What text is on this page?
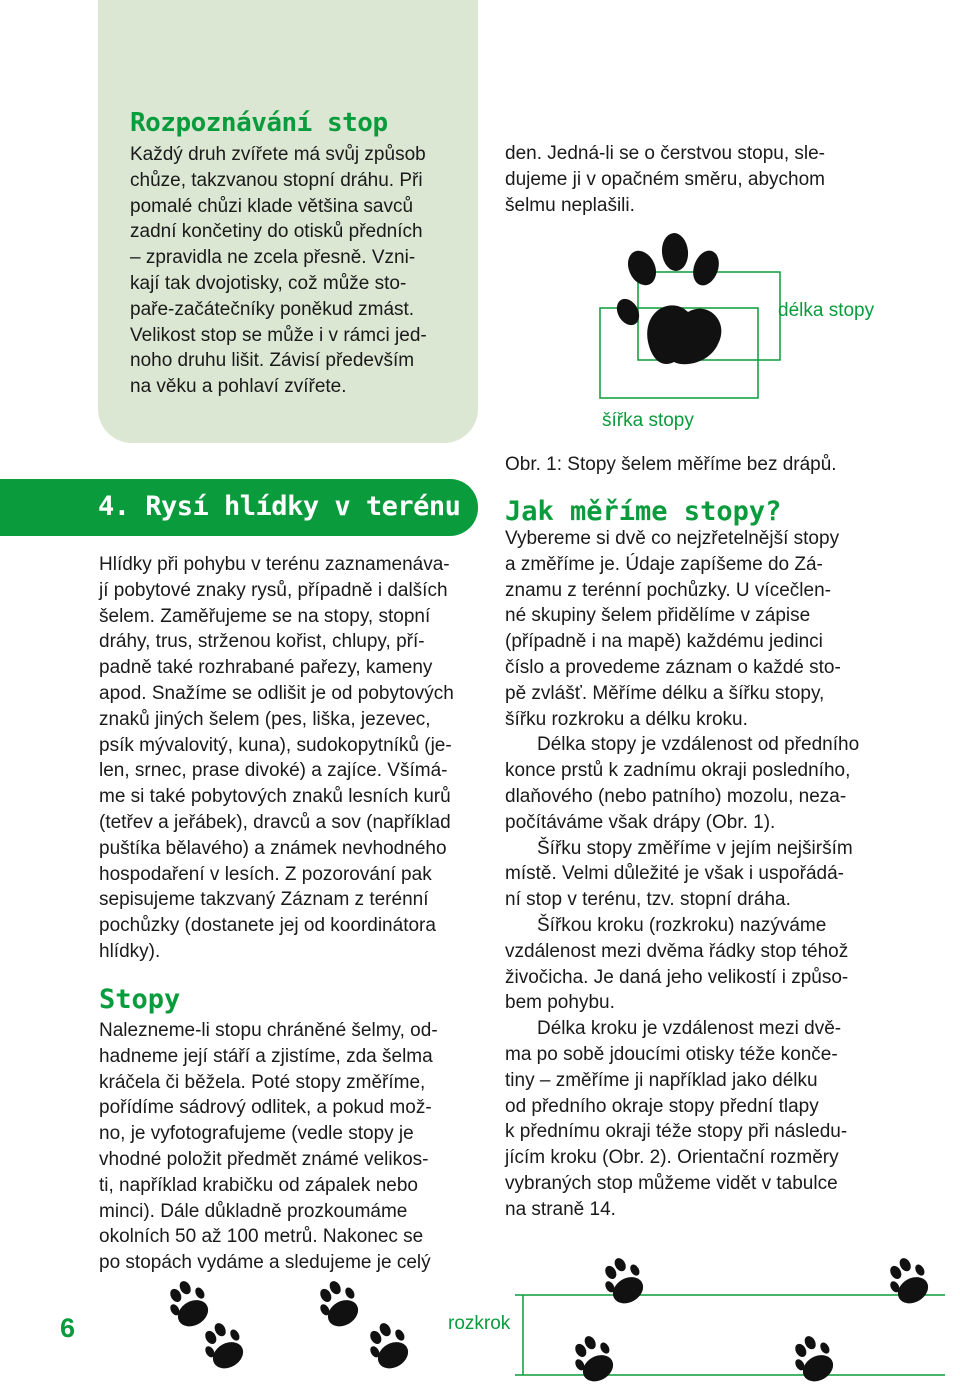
Rozpoznávání stop

Každý druh zvířete má svůj způsob

chůze, takzvanou stopní dráhu. Při

pomalé chůzi klade většina savců

zadní končetiny do otisků předních

– zpravidla ne zcela přesně. Vzni-

kají tak dvojotisky, což může sto-

paře-začátečníky poněkud zmást.

Velikost stop se může i v rámci jed-

noho druhu lišit. Závisí především

na věku a pohlaví zvířete.

4. Rysí hlídky v terénu

Hlídky při pohybu v terénu zaznamenáva-

jí pobytové znaky rysů, případně i dalších

šelem. Zaměřujeme se na stopy, stopní

dráhy, trus, strženou kořist, chlupy, pří-

padně také rozhrabané pařezy, kameny

apod. Snažíme se odlišit je od pobytových

znaků jiných šelem (pes, liška, jezevec,

psík mývalovitý, kuna), sudokopytníků (je-

len, srnec, prase divoké) a zajíce. Všímá-

me si také pobytových znaků lesních kurů

(tetřev a jeřábek), dravců a sov (například

puštíka bělavého) a známek nevhodného

hospodaření v lesích. Z pozorování pak

sepisujeme takzvaný Záznam z terénní

pochůzky (dostanete jej od koordinátora

hlídky).

Stopy

Nalezneme-li stopu chráněné šelmy, od-

hadneme její stáří a zjistíme, zda šelma

kráčela či běžela. Poté stopy změříme,

pořídíme sádrový odlitek, a pokud mož-

no, je vyfotografujeme (vedle stopy je

vhodné položit předmět známé velikos-

ti, například krabičku od zápalek nebo

minci). Dále důkladně prozkoumáme

okolních 50 až 100 metrů. Nakonec se

po stopách vydáme a sledujeme je celý

den. Jedná-li se o čerstvou stopu, sle-

dujeme ji v opačném směru, abychom

šelmu neplašili.

délka stopy
šířka stopy

Obr. 1: Stopy šelem měříme bez drápů.

Jak měříme stopy?

Vybereme si dvě co nejzřetelnější stopy

a změříme je. Údaje zapíšeme do Zá-

znamu z terénní pochůzky. U vícečlen-

né skupiny šelem přidělíme v zápise

(případně i na mapě) každému jedinci

číslo a provedeme záznam o každé sto-

pě zvlášť. Měříme délku a šířku stopy,

šířku rozkroku a délku kroku.

Délka stopy je vzdálenost od předního

konce prstů k zadnímu okraji posledního,

dlaňového (nebo patního) mozolu, neza-

počítáváme však drápy (Obr. 1).

Šířku stopy změříme v jejím nejširším

místě. Velmi důležité je však i uspořádá-

ní stop v terénu, tzv. stopní dráha.

Šířkou kroku (rozkroku) nazýváme

vzdálenost mezi dvěma řádky stop téhož

živočicha. Je daná jeho velikostí i způso-

bem pohybu.

Délka kroku je vzdálenost mezi dvě-

ma po sobě jdoucími otisky téže konče-

tiny – změříme ji například jako délku

od předního okraje stopy přední tlapy

k přednímu okraji téže stopy při následu-

jícím kroku (Obr. 2). Orientační rozměry

vybraných stop můžeme vidět v tabulce

na straně 14.

rozkrok

6
